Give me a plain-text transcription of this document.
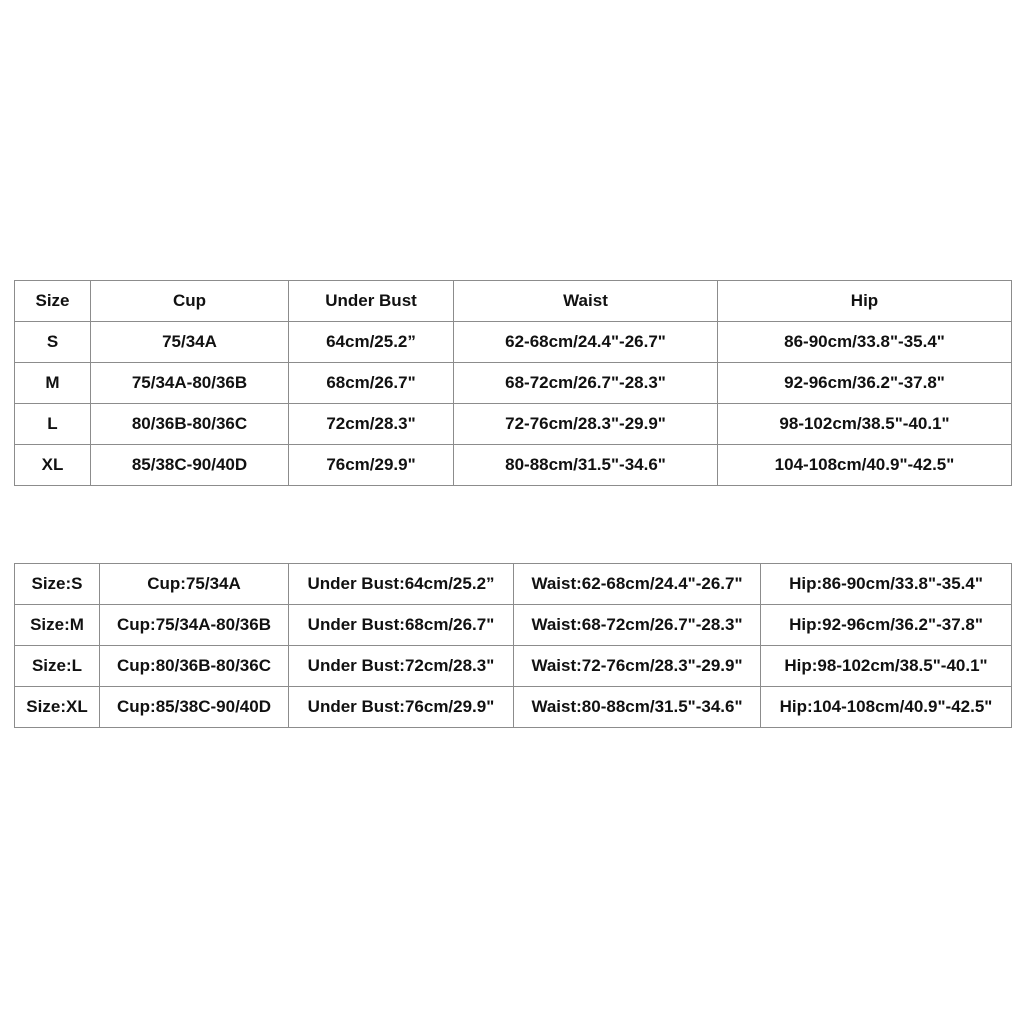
Size	Cup	Under Bust	Waist	Hip
S	75/34A	64cm/25.2”	62-68cm/24.4"-26.7"	86-90cm/33.8"-35.4"
M	75/34A-80/36B	68cm/26.7"	68-72cm/26.7"-28.3"	92-96cm/36.2"-37.8"
L	80/36B-80/36C	72cm/28.3"	72-76cm/28.3"-29.9"	98-102cm/38.5"-40.1"
XL	85/38C-90/40D	76cm/29.9"	80-88cm/31.5"-34.6"	104-108cm/40.9"-42.5"
Size:S	Cup:75/34A	Under Bust:64cm/25.2”	Waist:62-68cm/24.4"-26.7"	Hip:86-90cm/33.8"-35.4"
Size:M	Cup:75/34A-80/36B	Under Bust:68cm/26.7"	Waist:68-72cm/26.7"-28.3"	Hip:92-96cm/36.2"-37.8"
Size:L	Cup:80/36B-80/36C	Under Bust:72cm/28.3"	Waist:72-76cm/28.3"-29.9"	Hip:98-102cm/38.5"-40.1"
Size:XL	Cup:85/38C-90/40D	Under Bust:76cm/29.9"	Waist:80-88cm/31.5"-34.6"	Hip:104-108cm/40.9"-42.5"
